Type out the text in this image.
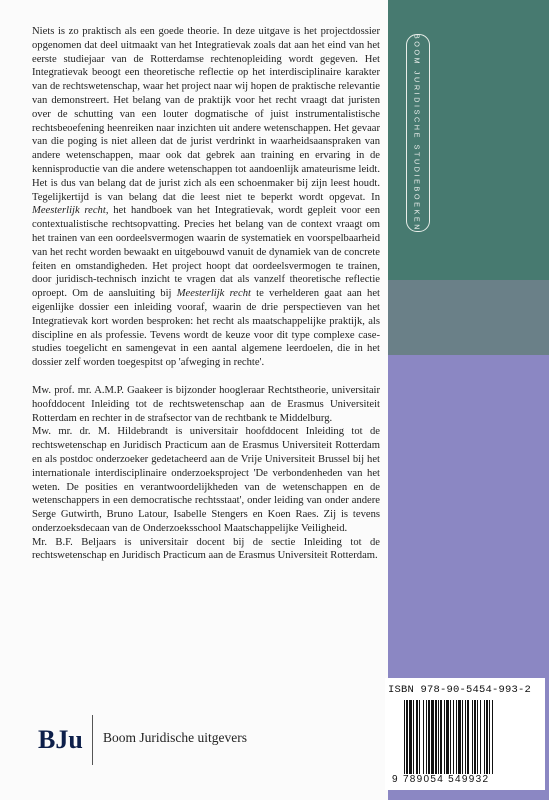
BOOM JURIDISCHE STUDIEBOEKEN

Niets is zo praktisch als een goede theorie. In deze uitgave is het projectdossier opgenomen dat deel uitmaakt van het Integratievak zoals dat aan het eind van het eerste studiejaar van de Rotterdamse rechtenopleiding wordt gegeven. Het Integratievak beoogt een theoretische reflectie op het interdisciplinaire karakter van de rechtswetenschap, waar het project naar wij hopen de praktische relevantie van demonstreert. Het belang van de praktijk voor het recht vraagt dat juristen over de schutting van een louter dogmatische of juist instrumentalistische rechtsbeoefening heenreiken naar inzichten uit andere wetenschappen. Het gevaar van die poging is niet alleen dat de jurist verdrinkt in waarheidsaanspraken van andere wetenschappen, maar ook dat gebrek aan training en ervaring in de kennisproductie van die andere wetenschappen tot aandoenlijk amateurisme leidt. Het is dus van belang dat de jurist zich als een schoenmaker bij zijn leest houdt. Tegelijkertijd is van belang dat die leest niet te beperkt wordt opgevat. In Meesterlijk recht, het handboek van het Integratievak, wordt gepleit voor een contextualistische rechtsopvatting. Precies het belang van de context vraagt om het trainen van een oordeelsvermogen waarin de systematiek en voorspelbaarheid van het recht worden bewaakt en uitgebouwd vanuit de dynamiek van de concrete feiten en omstandigheden. Het project hoopt dat oordeelsvermogen te trainen, door juridisch-technisch inzicht te vragen dat als vanzelf theoretische reflectie oproept. Om de aansluiting bij Meesterlijk recht te verhelderen gaat aan het eigenlijke dossier een inleiding vooraf, waarin de drie perspectieven van het Integratievak kort worden besproken: het recht als maatschappelijke praktijk, als discipline en als professie. Tevens wordt de keuze voor dit type complexe case-studies toegelicht en samengevat in een aantal algemene leerdoelen, die in het dossier zelf worden toegespitst op 'afweging in rechte'.

Mw. prof. mr. A.M.P. Gaakeer is bijzonder hoogleraar Rechtstheorie, universitair hoofddocent Inleiding tot de rechtswetenschap aan de Erasmus Universiteit Rotterdam en rechter in de strafsector van de rechtbank te Middelburg.

Mw. mr. dr. M. Hildebrandt is universitair hoofddocent Inleiding tot de rechtswetenschap en Juridisch Practicum aan de Erasmus Universiteit Rotterdam en als postdoc onderzoeker gedetacheerd aan de Vrije Universiteit Brussel bij het internationale interdisciplinaire onderzoeksproject 'De verbondenheden van het weten. De posities en verantwoordelijkheden van de wetenschappen en de wetenschappers in een democratische rechtsstaat', onder leiding van onder andere Serge Gutwirth, Bruno Latour, Isabelle Stengers en Koen Raes. Zij is tevens onderzoeksdecaan van de Onderzoeksschool Maatschappelijke Veiligheid.

Mr. B.F. Beljaars is universitair docent bij de sectie Inleiding tot de rechtswetenschap en Juridisch Practicum aan de Erasmus Universiteit Rotterdam.

BJu Boom Juridische uitgevers
ISBN 978-90-5454-993-2
9 789054 549932
